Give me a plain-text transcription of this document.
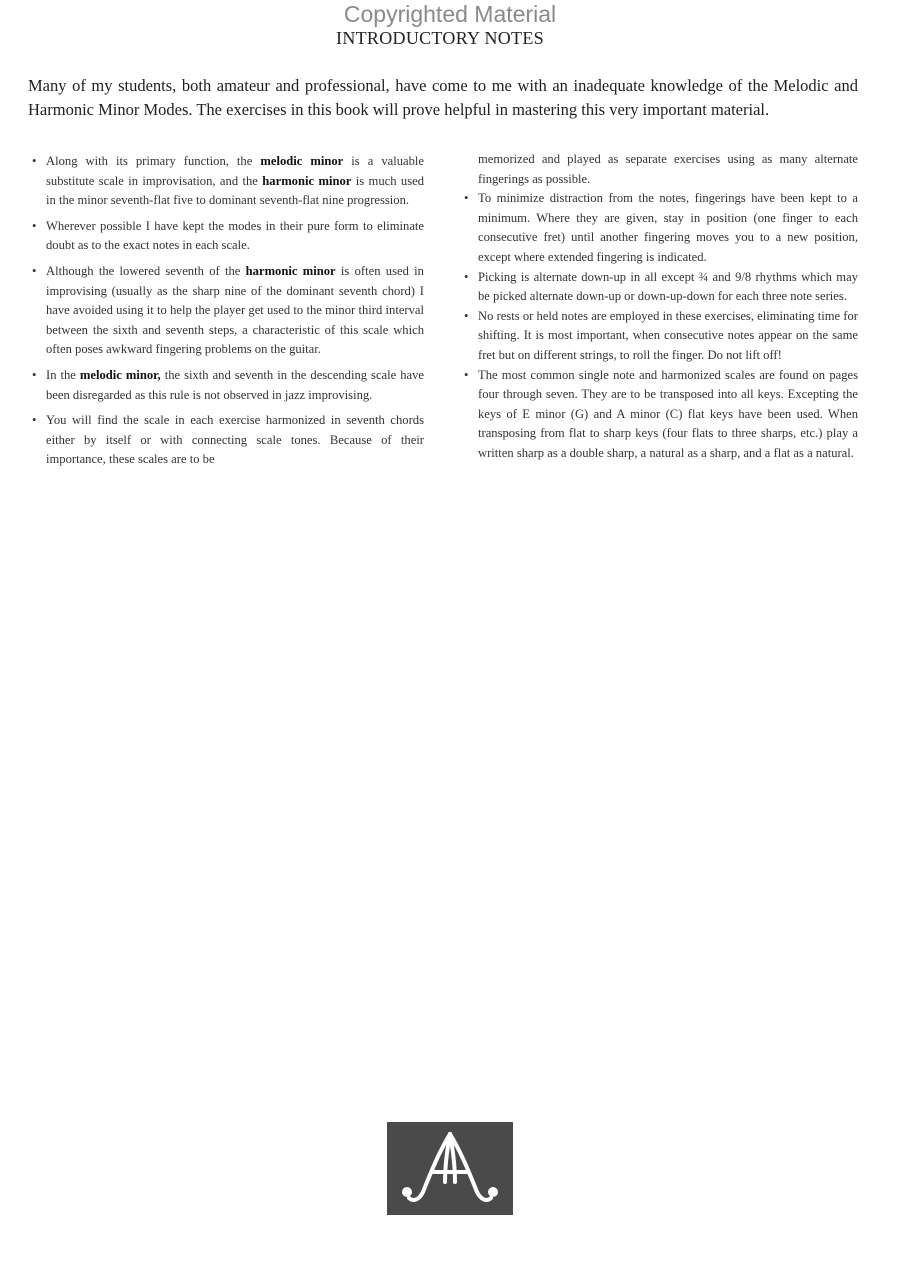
Copyrighted Material
INTRODUCTORY NOTES
Many of my students, both amateur and professional, have come to me with an inadequate knowledge of the Melodic and Harmonic Minor Modes. The exercises in this book will prove helpful in mastering this very important material.
• Along with its primary function, the melodic minor is a valuable substitute scale in improvisation, and the harmonic minor is much used in the minor seventh-flat five to dominant seventh-flat nine progression.
• Wherever possible I have kept the modes in their pure form to eliminate doubt as to the exact notes in each scale.
• Although the lowered seventh of the harmonic minor is often used in improvising (usually as the sharp nine of the dominant seventh chord) I have avoided using it to help the player get used to the minor third interval between the sixth and seventh steps, a characteristic of this scale which often poses awkward fingering problems on the guitar.
• In the melodic minor, the sixth and seventh in the descending scale have been disregarded as this rule is not observed in jazz improvising.
• You will find the scale in each exercise harmonized in seventh chords either by itself or with connecting scale tones. Because of their importance, these scales are to be
memorized and played as separate exercises using as many alternate fingerings as possible.
• To minimize distraction from the notes, fingerings have been kept to a minimum. Where they are given, stay in position (one finger to each consecutive fret) until another fingering moves you to a new position, except where extended fingering is indicated.
• Picking is alternate down-up in all except ¾ and 9/8 rhythms which may be picked alternate down-up or down-up-down for each three note series.
• No rests or held notes are employed in these exercises, eliminating time for shifting. It is most important, when consecutive notes appear on the same fret but on different strings, to roll the finger. Do not lift off!
• The most common single note and harmonized scales are found on pages four through seven. They are to be transposed into all keys. Excepting the keys of E minor (G) and A minor (C) flat keys have been used. When transposing from flat to sharp keys (four flats to three sharps, etc.) play a written sharp as a double sharp, a natural as a sharp, and a flat as a natural.
